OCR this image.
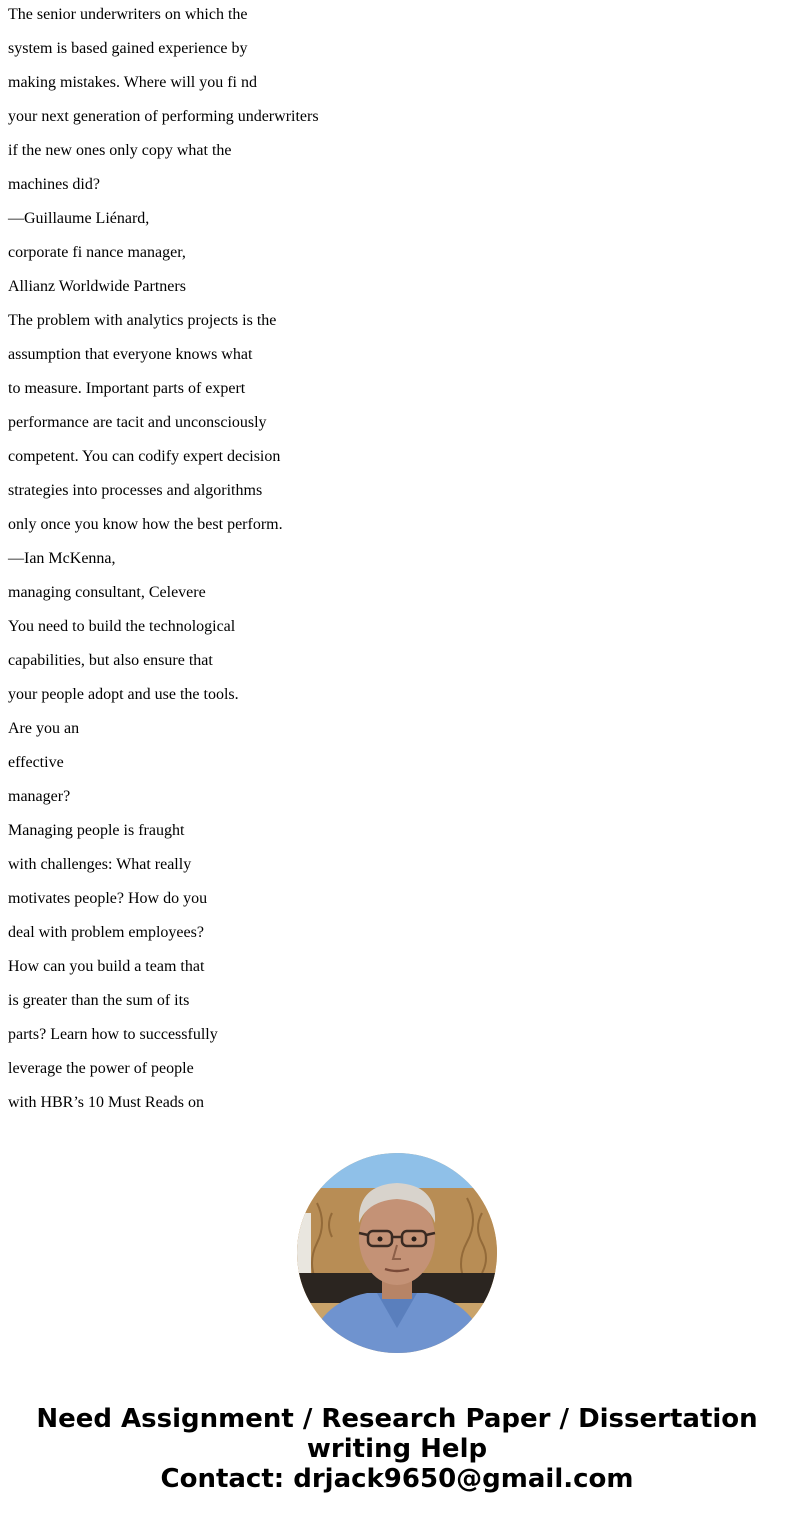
The senior underwriters on which the

system is based gained experience by

making mistakes. Where will you fi nd

your next generation of performing underwriters

if the new ones only copy what the

machines did?

—Guillaume Liénard,

corporate fi nance manager,

Allianz Worldwide Partners

The problem with analytics projects is the

assumption that everyone knows what

to measure. Important parts of expert

performance are tacit and unconsciously

competent. You can codify expert decision

strategies into processes and algorithms

only once you know how the best perform.

—Ian McKenna,

managing consultant, Celevere

You need to build the technological

capabilities, but also ensure that

your people adopt and use the tools.

Are you an

effective

manager?

Managing people is fraught

with challenges: What really

motivates people? How do you

deal with problem employees?

How can you build a team that

is greater than the sum of its

parts? Learn how to successfully

leverage the power of people

with HBR’s 10 Must Reads on

Need Assignment / Research Paper / Dissertation
writing Help
Contact: drjack9650@gmail.com
